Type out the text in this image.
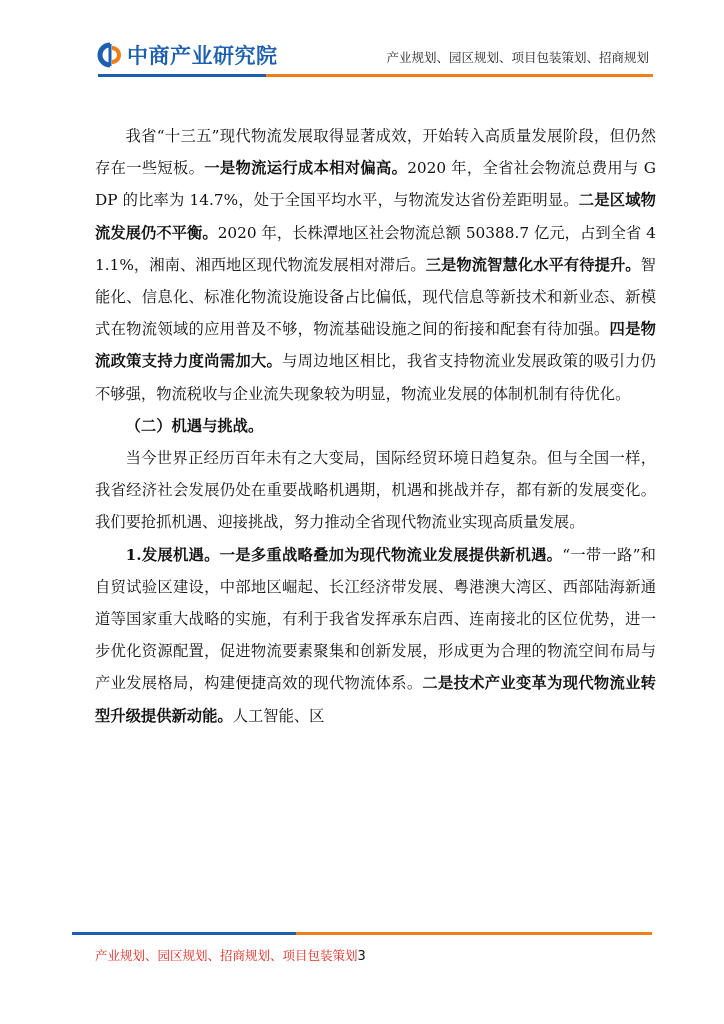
中商产业研究院	产业规划、园区规划、项目包装策划、招商规划

我省“十三五”现代物流发展取得显著成效，开始转入高质量发展阶段，但仍然存在一些短板。一是物流运行成本相对偏高。2020 年，全省社会物流总费用与 GDP 的比率为 14.7%，处于全国平均水平，与物流发达省份差距明显。二是区域物流发展仍不平衡。2020 年，长株潭地区社会物流总额 50388.7 亿元，占到全省 41.1%，湘南、湘西地区现代物流发展相对滞后。三是物流智慧化水平有待提升。智能化、信息化、标准化物流设施设备占比偏低，现代信息等新技术和新业态、新模式在物流领域的应用普及不够，物流基础设施之间的衔接和配套有待加强。四是物流政策支持力度尚需加大。与周边地区相比，我省支持物流业发展政策的吸引力仍不够强，物流税收与企业流失现象较为明显，物流业发展的体制机制有待优化。

（二）机遇与挑战。

当今世界正经历百年未有之大变局，国际经贸环境日趋复杂。但与全国一样，我省经济社会发展仍处在重要战略机遇期，机遇和挑战并存，都有新的发展变化。我们要抢抓机遇、迎接挑战，努力推动全省现代物流业实现高质量发展。

1.发展机遇。一是多重战略叠加为现代物流业发展提供新机遇。“一带一路”和自贸试验区建设，中部地区崛起、长江经济带发展、粤港澳大湾区、西部陆海新通道等国家重大战略的实施，有利于我省发挥承东启西、连南接北的区位优势，进一步优化资源配置，促进物流要素聚集和创新发展，形成更为合理的物流空间布局与产业发展格局，构建便捷高效的现代物流体系。二是技术产业变革为现代物流业转型升级提供新动能。人工智能、区

产业规划、园区规划、招商规划、项目包装策划3
